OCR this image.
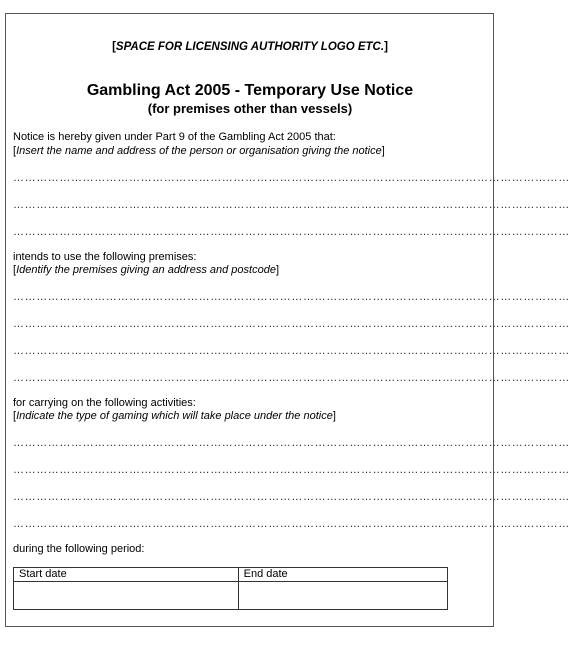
[SPACE FOR LICENSING AUTHORITY LOGO ETC.]
Gambling Act 2005 - Temporary Use Notice
(for premises other than vessels)
Notice is hereby given under Part 9 of the Gambling Act 2005 that:
[Insert the name and address of the person or organisation giving the notice]
………………………………………………………………………………………………………………………………
………………………………………………………………………………………………………………………………
………………………………………………………………………………………………………………………………
intends to use the following premises:
[Identify the premises giving an address and postcode]
………………………………………………………………………………………………………………………………
………………………………………………………………………………………………………………………………
………………………………………………………………………………………………………………………………
………………………………………………………………………………………………………………………………
for carrying on the following activities:
[Indicate the type of gaming which will take place under the notice]
………………………………………………………………………………………………………………………………
………………………………………………………………………………………………………………………………
………………………………………………………………………………………………………………………………
………………………………………………………………………………………………………………………………
during the following period:
Start date	End date
